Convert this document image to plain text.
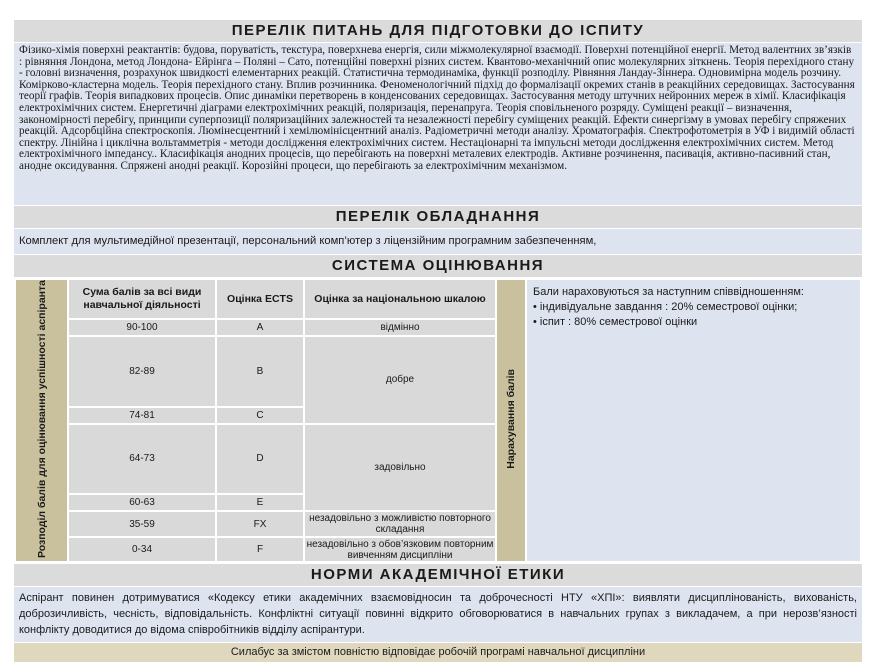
ПЕРЕЛІК ПИТАНЬ ДЛЯ ПІДГОТОВКИ ДО ІСПИТУ
Фізико-хімія поверхні реактантів: будова, поруватість, текстура, поверхнева енергія, сили міжмолекулярної взаємодії. Поверхні потенційної енергії. Метод валентних зв’язків : рівняння Лондона, метод Лондона- Ейрінга – Поляні – Сато, потенційні поверхні різних систем. Квантово-механічний опис молекулярних зіткнень. Теорія перехідного стану - головні визначення, розрахунок швидкості елементарних реакцій. Статистична термодинаміка, функції розподілу. Рівняння Ландау-Зіннера. Одновимірна модель розчину. Комірково-кластерна модель. Теорія перехідного стану. Вплив розчинника. Феноменологічний підхід до формалізації окремих станів в реакційних середовищах. Застосування теорії графів. Теорія випадкових процесів. Опис динаміки перетворень в конденсованих середовищах. Застосування методу штучних нейронних мереж в хімії. Класифікація електрохімічних систем. Енергетичні діаграми електрохімічних реакцій, поляризація, перенапруга. Теорія сповільненого розряду. Суміщені реакції – визначення, закономірності перебігу, принципи суперпозиції поляризаційних залежностей та незалежності перебігу суміщених реакцій. Ефекти синергізму в умовах перебігу спряжених реакцій. Адсорбційна спектроскопія. Люмінесцентний і хемілюмінісцентний аналіз. Радіометричні методи аналізу. Хроматографія. Спектрофотометрія в УФ і видимій області спектру. Лінійна і циклічна вольтамметрія - методи дослідження електрохімічних систем. Нестаціонарні та імпульсні методи дослідження електрохімічних систем. Метод електрохімічного імпедансу.. Класифікація анодних процесів, що перебігають на поверхні металевих електродів. Активне розчинення, пасивація, активно-пасивний стан, анодне оксидування. Спряжені анодні реакції. Корозійні процеси, що перебігають за електрохімічним механізмом.
ПЕРЕЛІК ОБЛАДНАННЯ
Комплект для мультимедійної презентації, персональний комп’ютер з ліцензійним програмним забезпеченням,
СИСТЕМА ОЦІНЮВАННЯ
Розподіл балів для оцінювання успішності аспіранта	Сума балів за всі види навчальної діяльності	Оцінка ECTS	Оцінка за національною шкалою	Нарахування балів	Бали нараховуються за наступним співвідношенням:
• індивідуальне завдання : 20% семестрової оцінки;
• іспит : 80% семестрової оцінки

	90-100	A	відмінно		
	82-89	B	добре		
	74-81	C			
	64-73	D	задовільно		
	60-63	E			
	35-59	FX	незадовільно з можливістю повторного складання		
	0-34	F	незадовільно з обов’язковим повторним вивченням дисципліни		
НОРМИ АКАДЕМІЧНОЇ ЕТИКИ
Аспірант повинен дотримуватися «Кодексу етики академічних взаємовідносин та доброчесності НТУ «ХПІ»: виявляти дисциплінованість, вихованість, доброзичливість, чесність, відповідальність. Конфліктні ситуації повинні відкрито обговорюватися в навчальних групах з викладачем, а при нерозв’язності конфлікту доводитися до відома співробітників відділу аспірантури.
Силабус за змістом повністю відповідає робочій програмі навчальної дисципліни
